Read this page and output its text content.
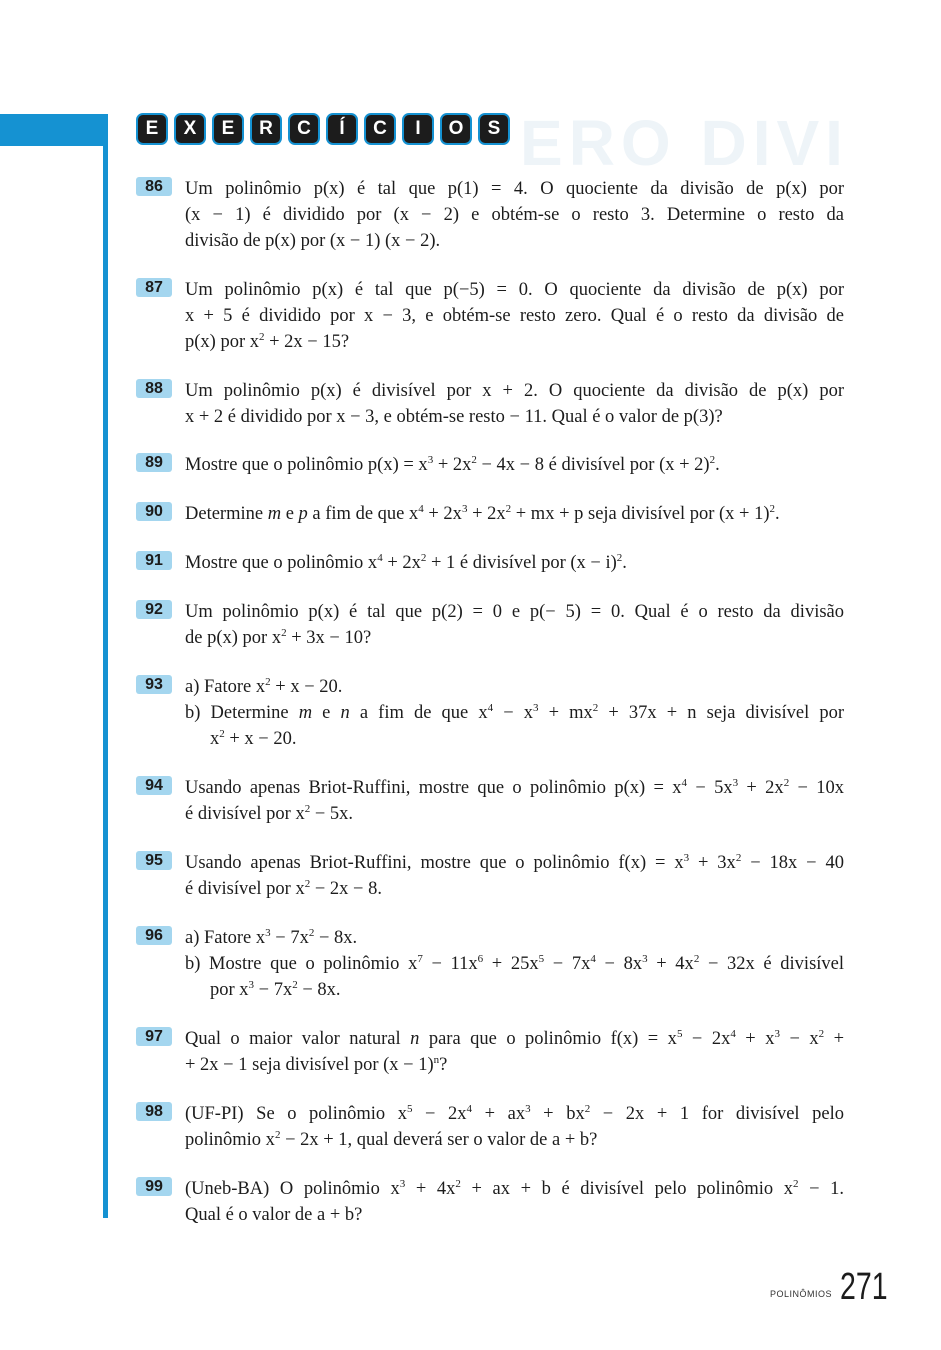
ERO DIVI
E	X	E	R	C	Í	C	I	O	S
86	Um polinômio p(x) é tal que p(1) = 4. O quociente da divisão de p(x) por
(x − 1) é dividido por (x − 2) e obtém-se o resto 3. Determine o resto da
divisão de p(x) por (x − 1) (x − 2).
87	Um polinômio p(x) é tal que p(−5) = 0. O quociente da divisão de p(x) por
x + 5 é dividido por x − 3, e obtém-se resto zero. Qual é o resto da divisão de
p(x) por $x^2 + 2x - 15$?
88	Um polinômio p(x) é divisível por x + 2. O quociente da divisão de p(x) por
x + 2 é dividido por x − 3, e obtém-se resto − 11. Qual é o valor de p(3)?
89	Mostre que o polinômio $p(x) = x^3 + 2x^2 - 4x - 8$ é divisível por $(x + 2)^2$.
90	Determine m e p a fim de que $x^4 + 2x^3 + 2x^2$ + mx + p seja divisível por $(x + 1)^2$.
91	Mostre que o polinômio $x^4 + 2x^2 + 1$ é divisível por $(x - i)^2$.
92	Um polinômio p(x) é tal que p(2) = 0 e p(− 5) = 0. Qual é o resto da divisão
de p(x) por $x^2 + 3x - 10$?
93	a) Fatore $x^2 + x - 20$.
b) Determine m e n a fim de que $x^4 - x^3 + mx^2 + 37x + n$ seja divisível por
$x^2 + x - 20$.
94	Usando apenas Briot-Ruffini, mostre que o polinômio $p(x) = x^4 - 5x^3 + 2x^2 - 10x$
é divisível por $x^2 - 5x$.
95	Usando apenas Briot-Ruffini, mostre que o polinômio $f(x) = x^3 + 3x^2 - 18x - 40$
é divisível por $x^2 - 2x - 8$.
96	a) Fatore $x^3 - 7x^2 - 8x$.
b) Mostre que o polinômio $x^7 - 11x^6 + 25x^5 - 7x^4 - 8x^3 + 4x^2 - 32x$ é divisível
por $x^3 - 7x^2 - 8x$.
97	Qual o maior valor natural n para que o polinômio $f(x) = x^5 - 2x^4 + x^3 - x^2$ +
+ 2x − 1 seja divisível por $(x - 1)^n$?
98	(UF-PI) Se o polinômio $x^5 - 2x^4 + ax^3 + bx^2 - 2x + 1$ for divisível pelo
polinômio $x^2 - 2x + 1$, qual deverá ser o valor de a + b?
99	(Uneb-BA) O polinômio $x^3 + 4x^2$ + ax + b é divisível pelo polinômio $x^2 - 1$.
Qual é o valor de a + b?
POLINÔMIOS 271
